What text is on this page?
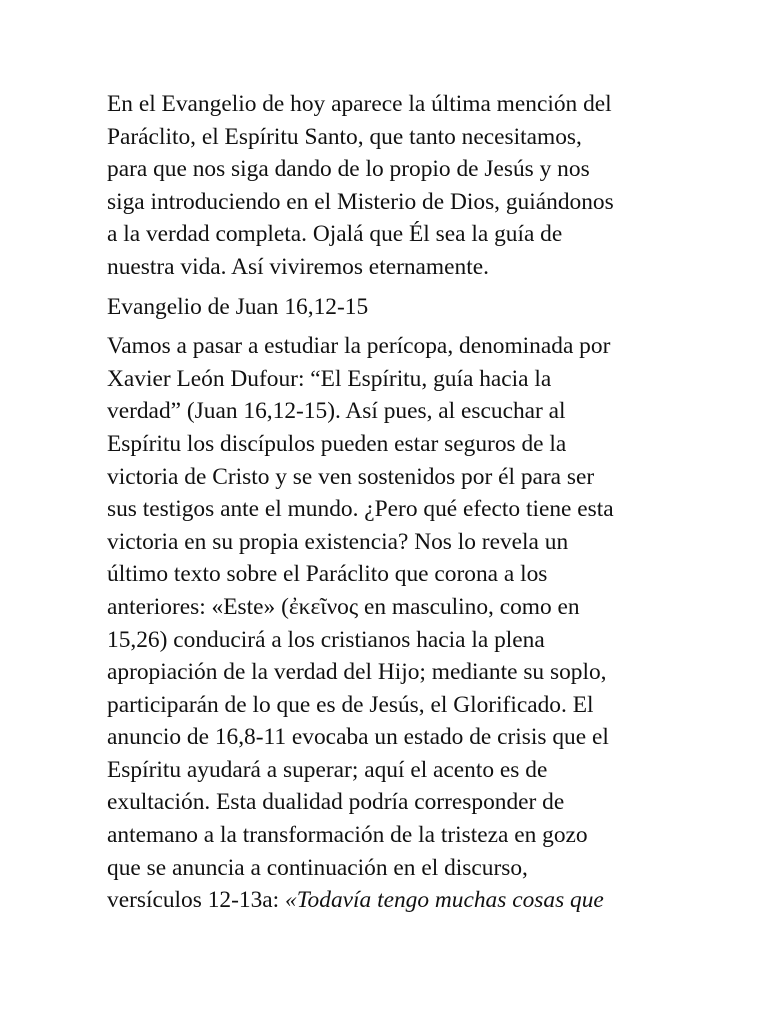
En el Evangelio de hoy aparece la última mención del
Paráclito, el Espíritu Santo, que tanto necesitamos,
para que nos siga dando de lo propio de Jesús y nos
siga introduciendo en el Misterio de Dios, guiándonos
a la verdad completa. Ojalá que Él sea la guía de
nuestra vida. Así viviremos eternamente.
Evangelio de Juan 16,12-15
Vamos a pasar a estudiar la perícopa, denominada por
Xavier León Dufour: “El Espíritu, guía hacia la
verdad” (Juan 16,12-15). Así pues, al escuchar al
Espíritu los discípulos pueden estar seguros de la
victoria de Cristo y se ven sostenidos por él para ser
sus testigos ante el mundo. ¿Pero qué efecto tiene esta
victoria en su propia existencia? Nos lo revela un
último texto sobre el Paráclito que corona a los
anteriores: «Este» (ἐκεῖνος en masculino, como en
15,26) conducirá a los cristianos hacia la plena
apropiación de la verdad del Hijo; mediante su soplo,
participarán de lo que es de Jesús, el Glorificado. El
anuncio de 16,8-11 evocaba un estado de crisis que el
Espíritu ayudará a superar; aquí el acento es de
exultación. Esta dualidad podría corresponder de
antemano a la transformación de la tristeza en gozo
que se anuncia a continuación en el discurso,
versículos 12-13a: «Todavía tengo muchas cosas que
